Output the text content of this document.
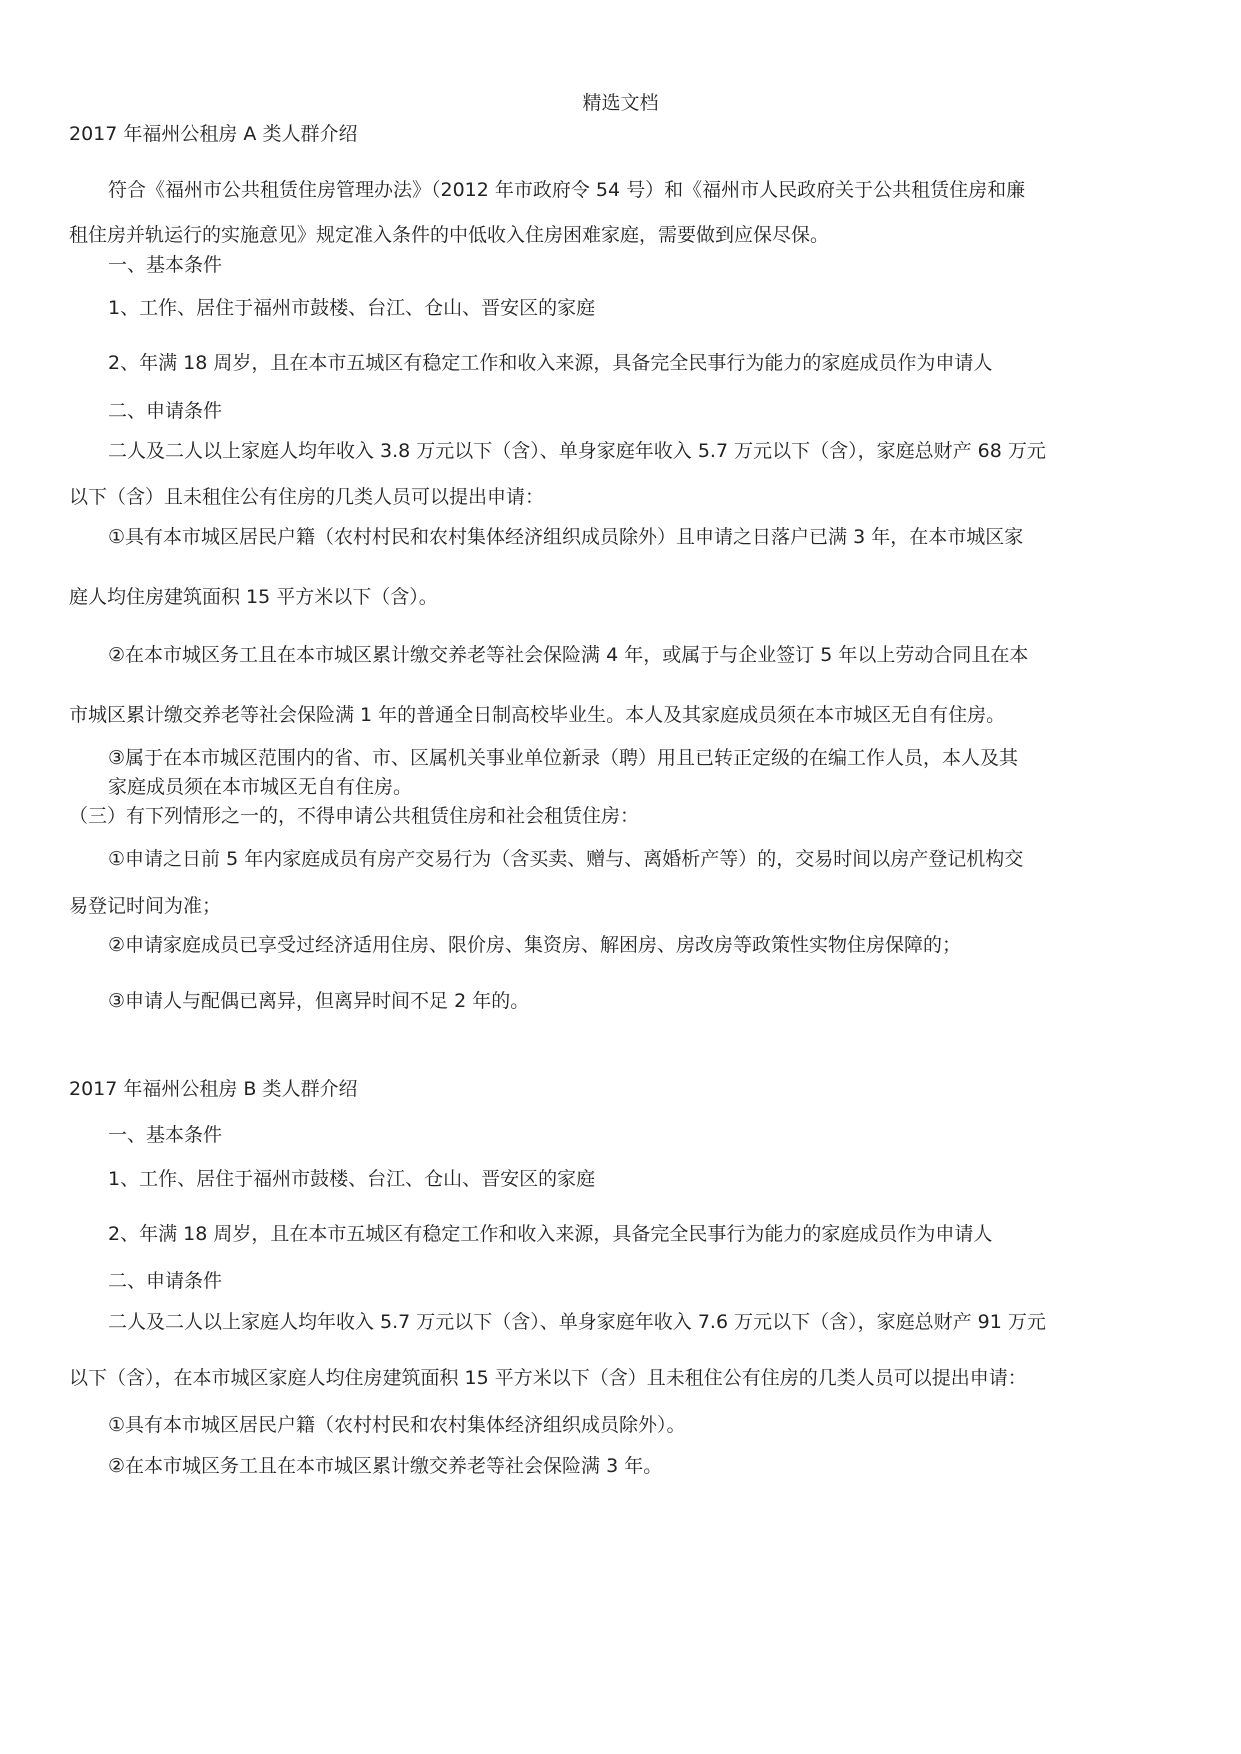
精选文档
2017 年福州公租房 A 类人群介绍
符合《福州市公共租赁住房管理办法》（2012 年市政府令 54 号）和《福州市人民政府关于公共租赁住房和廉
租住房并轨运行的实施意见》规定准入条件的中低收入住房困难家庭，需要做到应保尽保。
一、基本条件
1、工作、居住于福州市鼓楼、台江、仓山、晋安区的家庭
2、年满 18 周岁，且在本市五城区有稳定工作和收入来源，具备完全民事行为能力的家庭成员作为申请人
二、申请条件
二人及二人以上家庭人均年收入 3.8 万元以下（含）、单身家庭年收入 5.7 万元以下（含），家庭总财产 68 万元
以下（含）且未租住公有住房的几类人员可以提出申请：
①具有本市城区居民户籍（农村村民和农村集体经济组织成员除外）且申请之日落户已满 3 年，在本市城区家
庭人均住房建筑面积 15 平方米以下（含）。
②在本市城区务工且在本市城区累计缴交养老等社会保险满 4 年，或属于与企业签订 5 年以上劳动合同且在本
市城区累计缴交养老等社会保险满 1 年的普通全日制高校毕业生。本人及其家庭成员须在本市城区无自有住房。
③属于在本市城区范围内的省、市、区属机关事业单位新录（聘）用且已转正定级的在编工作人员，本人及其
家庭成员须在本市城区无自有住房。
（三）有下列情形之一的，不得申请公共租赁住房和社会租赁住房：
①申请之日前 5 年内家庭成员有房产交易行为（含买卖、赠与、离婚析产等）的，交易时间以房产登记机构交
易登记时间为准；
②申请家庭成员已享受过经济适用住房、限价房、集资房、解困房、房改房等政策性实物住房保障的；
③申请人与配偶已离异，但离异时间不足 2 年的。
2017 年福州公租房 B 类人群介绍
一、基本条件
1、工作、居住于福州市鼓楼、台江、仓山、晋安区的家庭
2、年满 18 周岁，且在本市五城区有稳定工作和收入来源，具备完全民事行为能力的家庭成员作为申请人
二、申请条件
二人及二人以上家庭人均年收入 5.7 万元以下（含）、单身家庭年收入 7.6 万元以下（含），家庭总财产 91 万元
以下（含），在本市城区家庭人均住房建筑面积 15 平方米以下（含）且未租住公有住房的几类人员可以提出申请：
①具有本市城区居民户籍（农村村民和农村集体经济组织成员除外）。
②在本市城区务工且在本市城区累计缴交养老等社会保险满 3 年。
